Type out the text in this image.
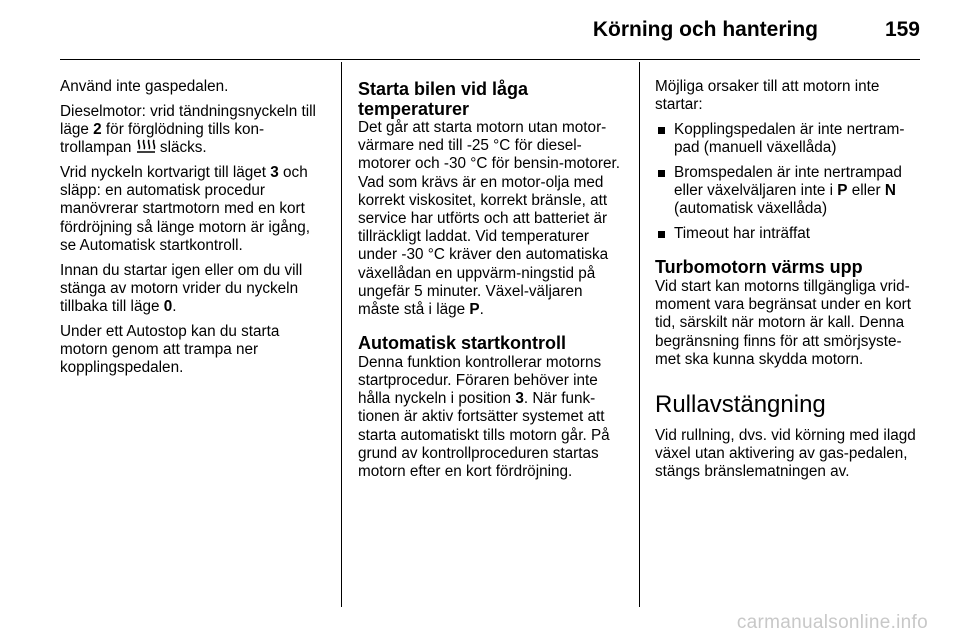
Körning och hantering	159

Använd inte gaspedalen.

Dieselmotor: vrid tändningsnyckeln till läge 2 för förglödning tills kon-trollampan  släcks.

Vrid nyckeln kortvarigt till läget 3 och släpp: en automatisk procedur manövrerar startmotorn med en kort fördröjning så länge motorn är igång, se Automatisk startkontroll.

Innan du startar igen eller om du vill stänga av motorn vrider du nyckeln tillbaka till läge 0.

Under ett Autostop kan du starta motorn genom att trampa ner kopplingspedalen.

Starta bilen vid låga temperaturer

Det går att starta motorn utan motor-värmare ned till -25 °C för diesel-motorer och -30 °C för bensin-motorer. Vad som krävs är en motor-olja med korrekt viskositet, korrekt bränsle, att service har utförts och att batteriet är tillräckligt laddat. Vid temperaturer under -30 °C kräver den automatiska växellådan en uppvärm-ningstid på ungefär 5 minuter. Växel-väljaren måste stå i läge P.

Automatisk startkontroll

Denna funktion kontrollerar motorns startprocedur. Föraren behöver inte hålla nyckeln i position 3. När funk-tionen är aktiv fortsätter systemet att starta automatiskt tills motorn går. På grund av kontrollproceduren startas motorn efter en kort fördröjning.

Möjliga orsaker till att motorn inte startar:

Kopplingspedalen är inte nertram-pad (manuell växellåda)
Bromspedalen är inte nertrampad eller växelväljaren inte i P eller N (automatisk växellåda)
Timeout har inträffat
Turbomotorn värms upp

Vid start kan motorns tillgängliga vrid-moment vara begränsat under en kort tid, särskilt när motorn är kall. Denna begränsning finns för att smörjsyste-met ska kunna skydda motorn.

Rullavstängning

Vid rullning, dvs. vid körning med ilagd växel utan aktivering av gas-pedalen, stängs bränslematningen av.

carmanualsonline.info
